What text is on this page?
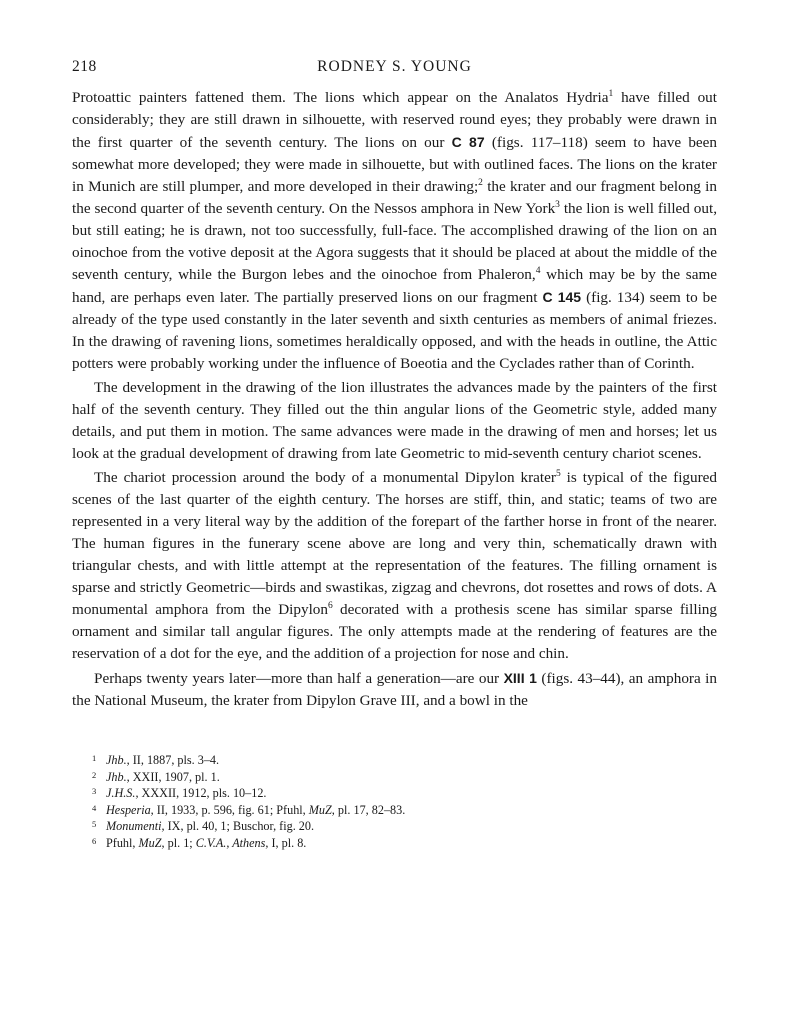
218	RODNEY S. YOUNG

Protoattic painters fattened them. The lions which appear on the Analatos Hydria$^1$ have filled out considerably; they are still drawn in silhouette, with reserved round eyes; they probably were drawn in the first quarter of the seventh century. The lions on our C 87 (figs. 117–118) seem to have been somewhat more developed; they were made in silhouette, but with outlined faces. The lions on the krater in Munich are still plumper, and more developed in their drawing;$^2$ the krater and our fragment belong in the second quarter of the seventh century. On the Nessos amphora in New York$^3$ the lion is well filled out, but still eating; he is drawn, not too successfully, full-face. The accomplished drawing of the lion on an oinochoe from the votive deposit at the Agora suggests that it should be placed at about the middle of the seventh century, while the Burgon lebes and the oinochoe from Phaleron,$^4$ which may be by the same hand, are perhaps even later. The partially preserved lions on our fragment C 145 (fig. 134) seem to be already of the type used constantly in the later seventh and sixth centuries as members of animal friezes. In the drawing of ravening lions, sometimes heraldically opposed, and with the heads in outline, the Attic potters were probably working under the influence of Boeotia and the Cyclades rather than of Corinth.

The development in the drawing of the lion illustrates the advances made by the painters of the first half of the seventh century. They filled out the thin angular lions of the Geometric style, added many details, and put them in motion. The same advances were made in the drawing of men and horses; let us look at the gradual development of drawing from late Geometric to mid-seventh century chariot scenes.

The chariot procession around the body of a monumental Dipylon krater$^5$ is typical of the figured scenes of the last quarter of the eighth century. The horses are stiff, thin, and static; teams of two are represented in a very literal way by the addition of the forepart of the farther horse in front of the nearer. The human figures in the funerary scene above are long and very thin, schematically drawn with triangular chests, and with little attempt at the representation of the features. The filling ornament is sparse and strictly Geometric—birds and swastikas, zigzag and chevrons, dot rosettes and rows of dots. A monumental amphora from the Dipylon$^6$ decorated with a prothesis scene has similar sparse filling ornament and similar tall angular figures. The only attempts made at the rendering of features are the reservation of a dot for the eye, and the addition of a projection for nose and chin.

Perhaps twenty years later—more than half a generation—are our XIII 1 (figs. 43–44), an amphora in the National Museum, the krater from Dipylon Grave III, and a bowl in the

1 Jhb., II, 1887, pls. 3–4.
2 Jhb., XXII, 1907, pl. 1.
3 J.H.S., XXXII, 1912, pls. 10–12.
4 Hesperia, II, 1933, p. 596, fig. 61; Pfuhl, MuZ, pl. 17, 82–83.
5 Monumenti, IX, pl. 40, 1; Buschor, fig. 20.
6 Pfuhl, MuZ, pl. 1; C.V.A., Athens, I, pl. 8.
